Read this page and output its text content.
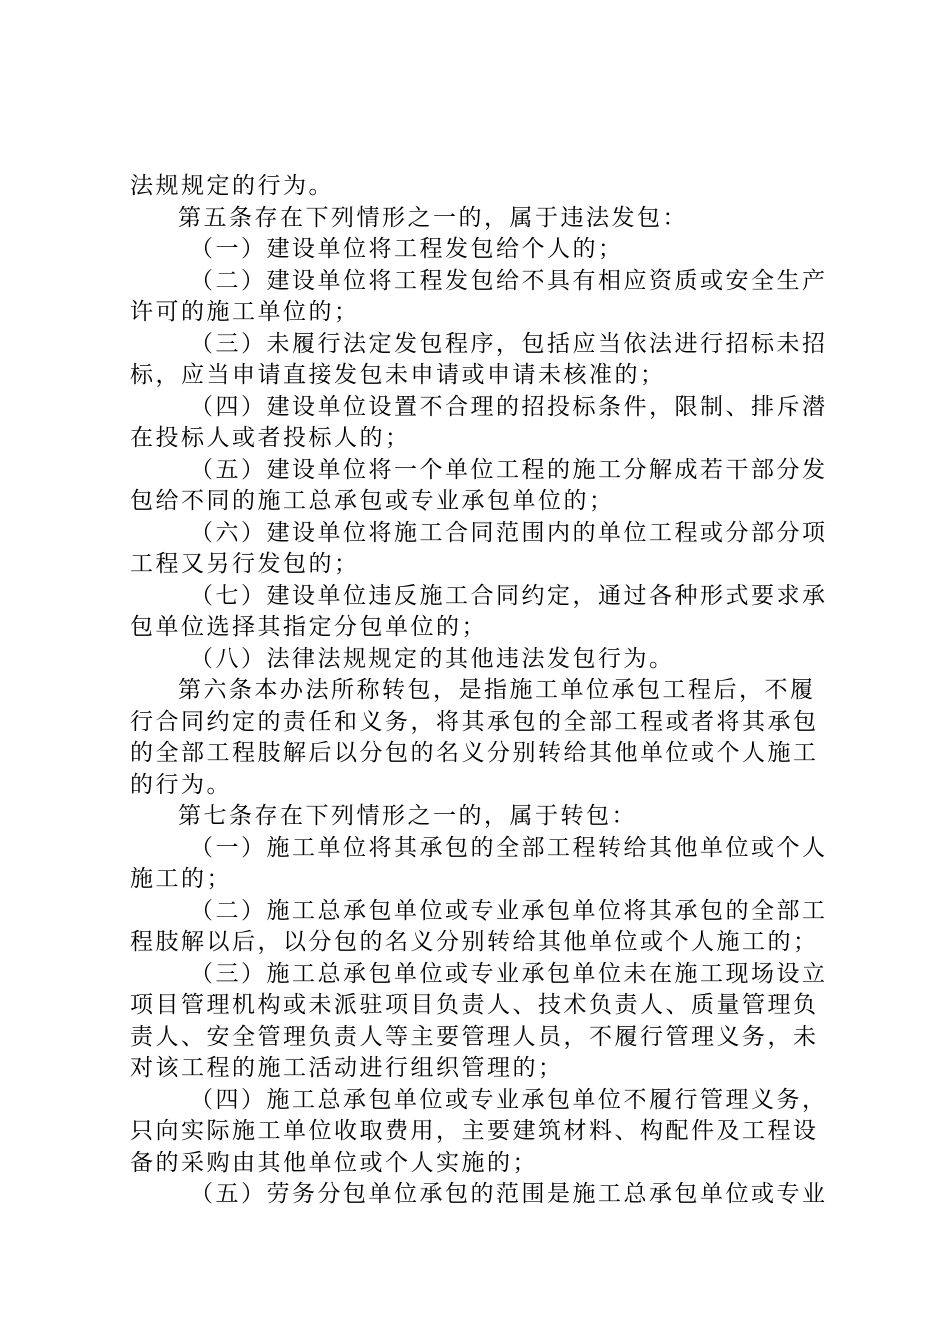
法规规定的行为。
第五条存在下列情形之一的，属于违法发包：
（一）建设单位将工程发包给个人的；
（二）建设单位将工程发包给不具有相应资质或安全生产
许可的施工单位的；
（三）未履行法定发包程序，包括应当依法进行招标未招
标，应当申请直接发包未申请或申请未核准的；
（四）建设单位设置不合理的招投标条件，限制、排斥潜
在投标人或者投标人的；
（五）建设单位将一个单位工程的施工分解成若干部分发
包给不同的施工总承包或专业承包单位的；
（六）建设单位将施工合同范围内的单位工程或分部分项
工程又另行发包的；
（七）建设单位违反施工合同约定，通过各种形式要求承
包单位选择其指定分包单位的；
（八）法律法规规定的其他违法发包行为。
第六条本办法所称转包，是指施工单位承包工程后，不履
行合同约定的责任和义务，将其承包的全部工程或者将其承包
的全部工程肢解后以分包的名义分别转给其他单位或个人施工
的行为。
第七条存在下列情形之一的，属于转包：
（一）施工单位将其承包的全部工程转给其他单位或个人
施工的；
（二）施工总承包单位或专业承包单位将其承包的全部工
程肢解以后，以分包的名义分别转给其他单位或个人施工的；
（三）施工总承包单位或专业承包单位未在施工现场设立
项目管理机构或未派驻项目负责人、技术负责人、质量管理负
责人、安全管理负责人等主要管理人员，不履行管理义务，未
对该工程的施工活动进行组织管理的；
（四）施工总承包单位或专业承包单位不履行管理义务，
只向实际施工单位收取费用，主要建筑材料、构配件及工程设
备的采购由其他单位或个人实施的；
（五）劳务分包单位承包的范围是施工总承包单位或专业
